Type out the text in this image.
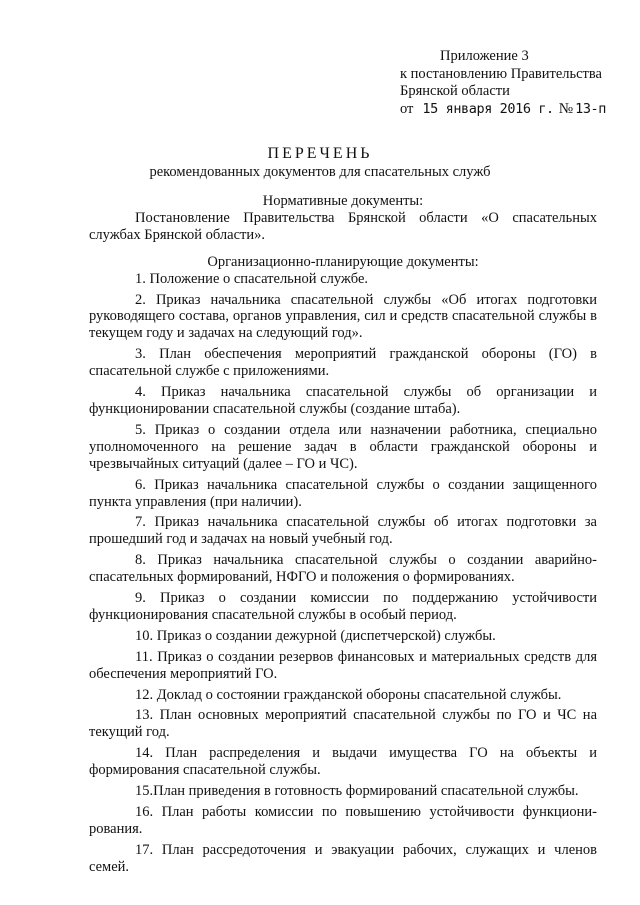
Приложение 3
к постановлению Правительства
Брянской области
от 15 января 2016 г. № 13-п
ПЕРЕЧЕНЬ
рекомендованных документов для спасательных служб

Нормативные документы:

Постановление Правительства Брянской области «О спасательных службах Брянской области».

Организационно-планирующие документы:

1. Положение о спасательной службе.

2. Приказ начальника спасательной службы «Об итогах подготовки руководящего состава, органов управления, сил и средств спасательной службы в текущем году и задачах на следующий год».

3. План обеспечения мероприятий гражданской обороны (ГО) в спасательной службе с приложениями.

4. Приказ начальника спасательной службы об организации и функционировании спасательной службы (создание штаба).

5. Приказ о создании отдела или назначении работника, специально уполномоченного на решение задач в области гражданской обороны и чрезвычайных ситуаций (далее – ГО и ЧС).

6. Приказ начальника спасательной службы о создании защищенного пункта управления (при наличии).

7. Приказ начальника спасательной службы об итогах подготовки за прошедший год и задачах на новый учебный год.

8. Приказ начальника спасательной службы о создании аварийно-спасательных формирований, НФГО и положения о формированиях.

9. Приказ о создании комиссии по поддержанию устойчивости функционирования спасательной службы в особый период.

10. Приказ о создании дежурной (диспетчерской) службы.

11. Приказ о создании резервов финансовых и материальных средств для обеспечения мероприятий ГО.

12. Доклад о состоянии гражданской обороны спасательной службы.

13. План основных мероприятий спасательной службы по ГО и ЧС на текущий год.

14. План распределения и выдачи имущества ГО на объекты и формирования спасательной службы.

15.План приведения в готовность формирований спасательной службы.

16. План работы комиссии по повышению устойчивости функциони-рования.

17. План рассредоточения и эвакуации рабочих, служащих и членов семей.
